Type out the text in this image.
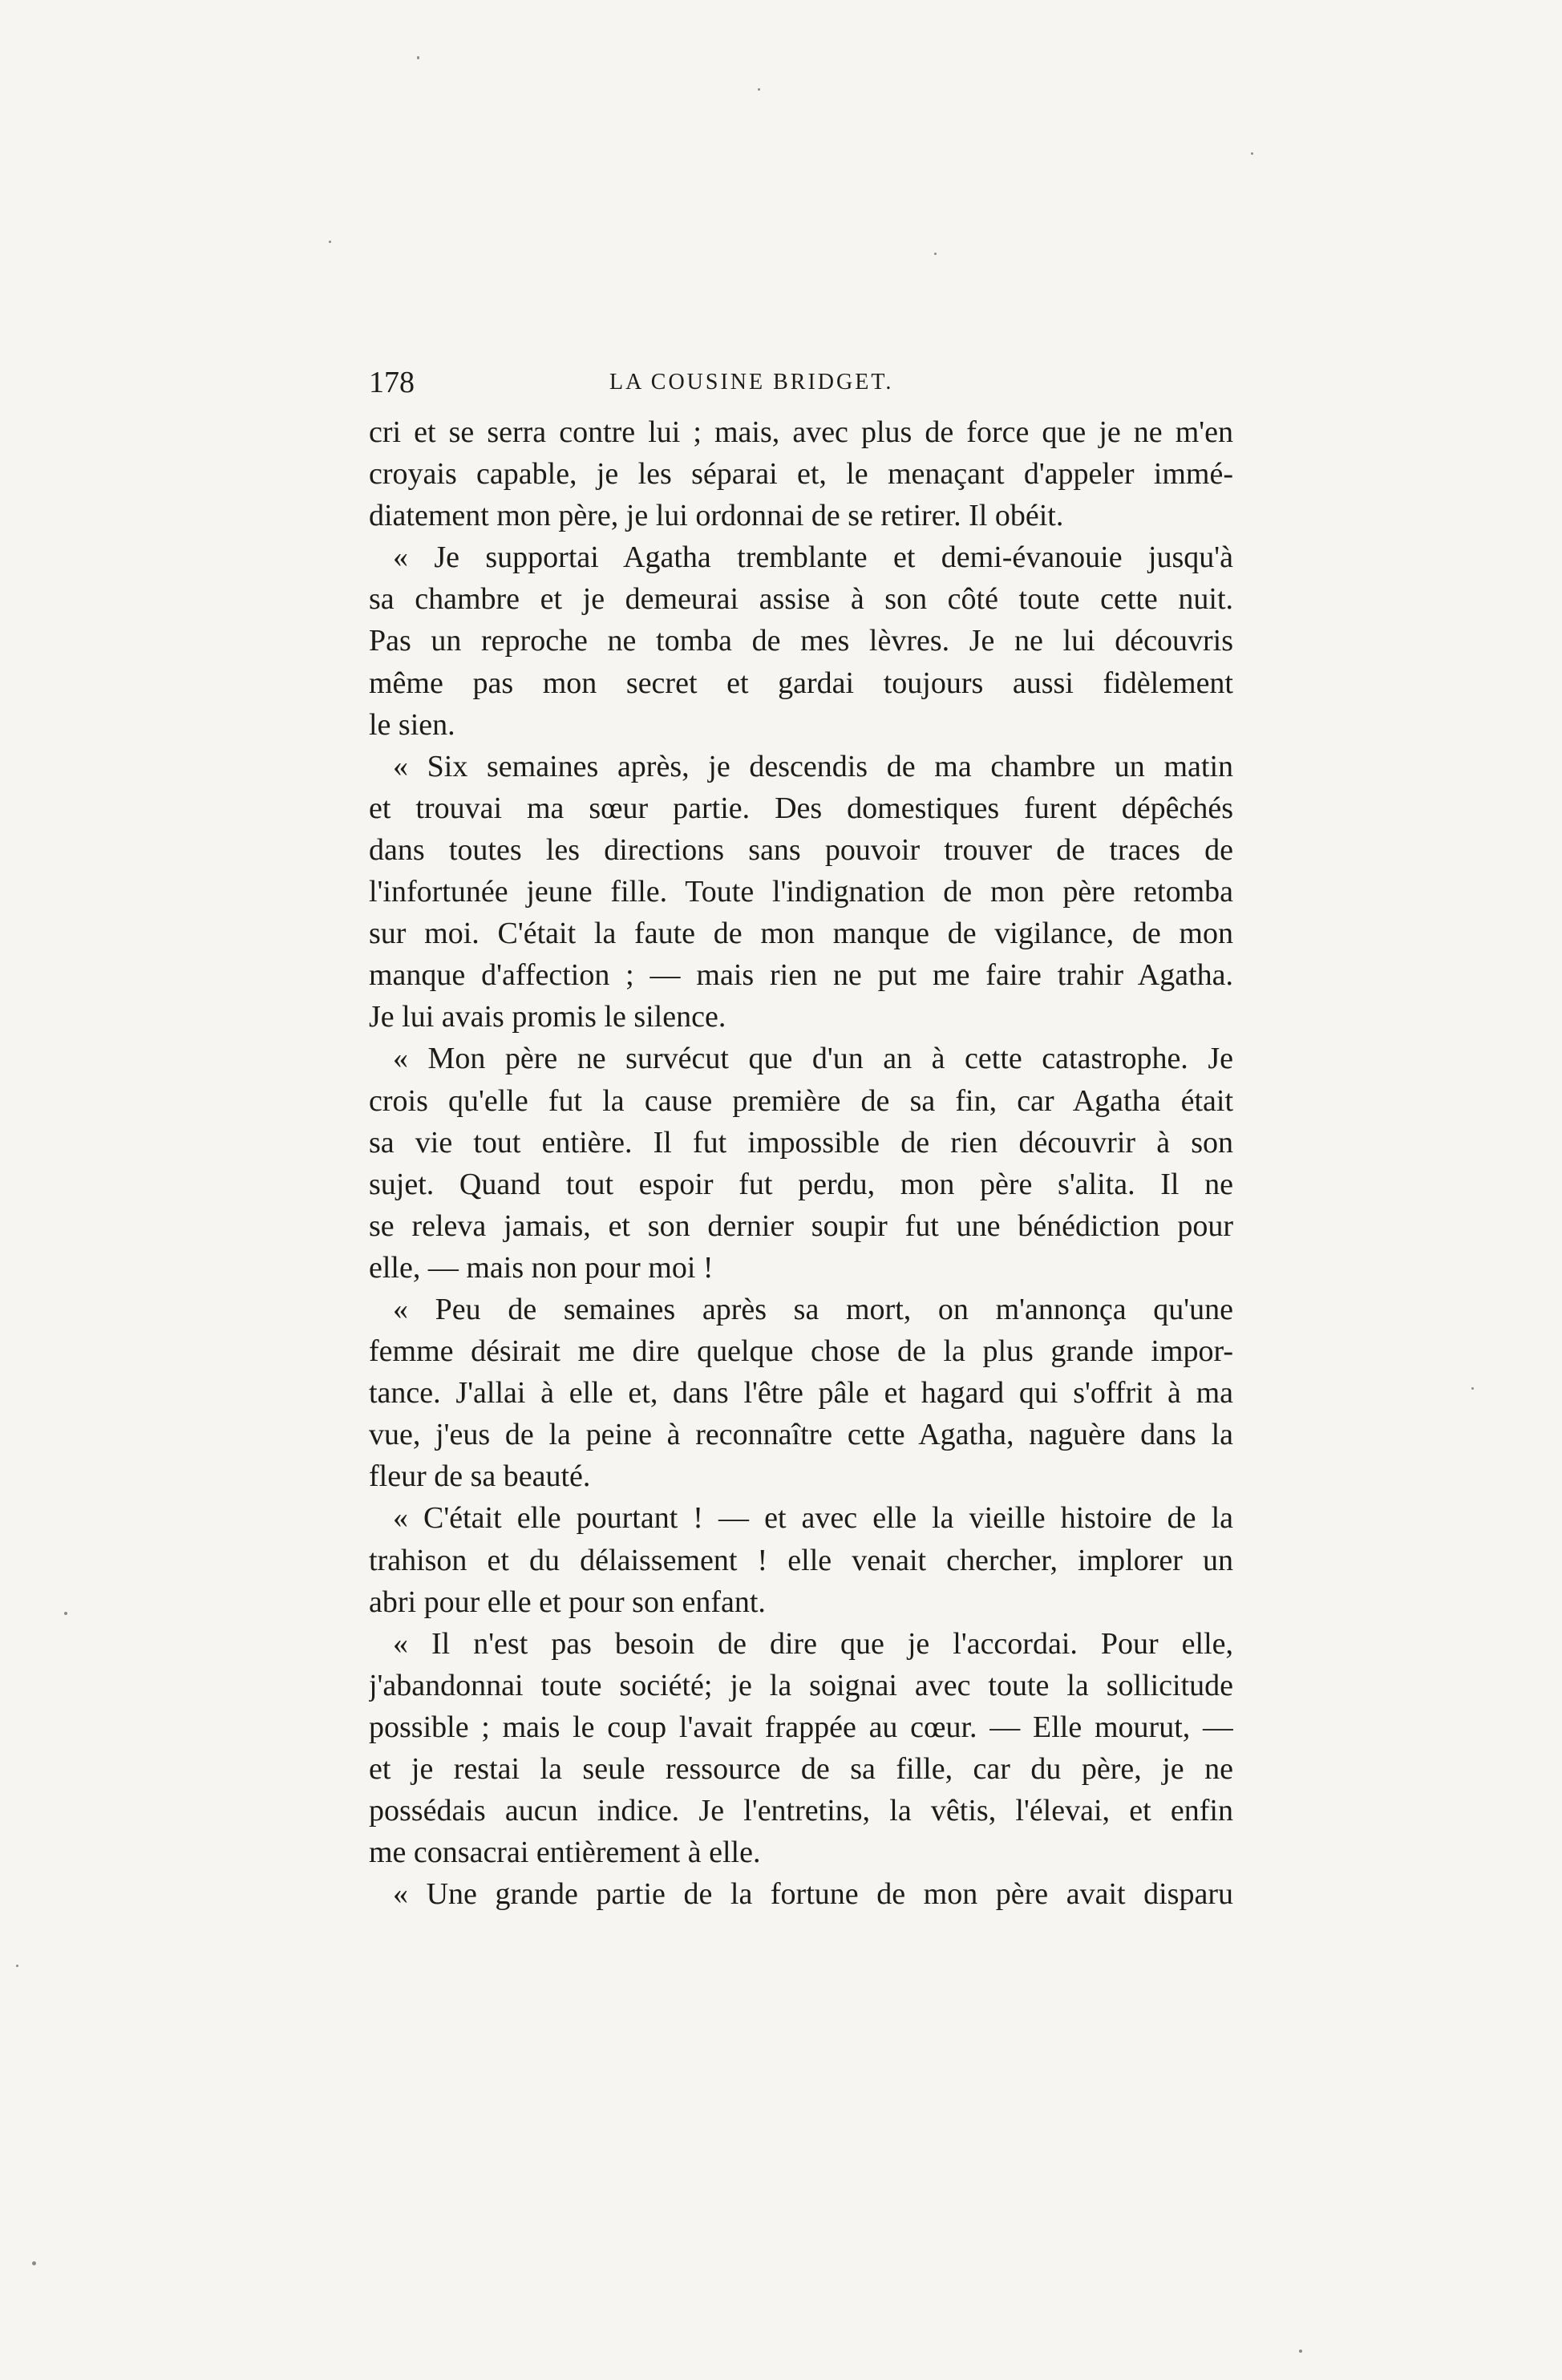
178	LA COUSINE BRIDGET.
cri et se serra contre lui ; mais, avec plus de force que je ne m'en
croyais capable, je les séparai et, le menaçant d'appeler immé-
diatement mon père, je lui ordonnai de se retirer. Il obéit.
« Je supportai Agatha tremblante et demi-évanouie jusqu'à
sa chambre et je demeurai assise à son côté toute cette nuit.
Pas un reproche ne tomba de mes lèvres. Je ne lui découvris
même pas mon secret et gardai toujours aussi fidèlement
le sien.
« Six semaines après, je descendis de ma chambre un matin
et trouvai ma sœur partie. Des domestiques furent dépêchés
dans toutes les directions sans pouvoir trouver de traces de
l'infortunée jeune fille. Toute l'indignation de mon père retomba
sur moi. C'était la faute de mon manque de vigilance, de mon
manque d'affection ; — mais rien ne put me faire trahir Agatha.
Je lui avais promis le silence.
« Mon père ne survécut que d'un an à cette catastrophe. Je
crois qu'elle fut la cause première de sa fin, car Agatha était
sa vie tout entière. Il fut impossible de rien découvrir à son
sujet. Quand tout espoir fut perdu, mon père s'alita. Il ne
se releva jamais, et son dernier soupir fut une bénédiction pour
elle, — mais non pour moi !
« Peu de semaines après sa mort, on m'annonça qu'une
femme désirait me dire quelque chose de la plus grande impor-
tance. J'allai à elle et, dans l'être pâle et hagard qui s'offrit à ma
vue, j'eus de la peine à reconnaître cette Agatha, naguère dans la
fleur de sa beauté.
« C'était elle pourtant ! — et avec elle la vieille histoire de la
trahison et du délaissement ! elle venait chercher, implorer un
abri pour elle et pour son enfant.
« Il n'est pas besoin de dire que je l'accordai. Pour elle,
j'abandonnai toute société; je la soignai avec toute la sollicitude
possible ; mais le coup l'avait frappée au cœur. — Elle mourut, —
et je restai la seule ressource de sa fille, car du père, je ne
possédais aucun indice. Je l'entretins, la vêtis, l'élevai, et enfin
me consacrai entièrement à elle.
« Une grande partie de la fortune de mon père avait disparu
